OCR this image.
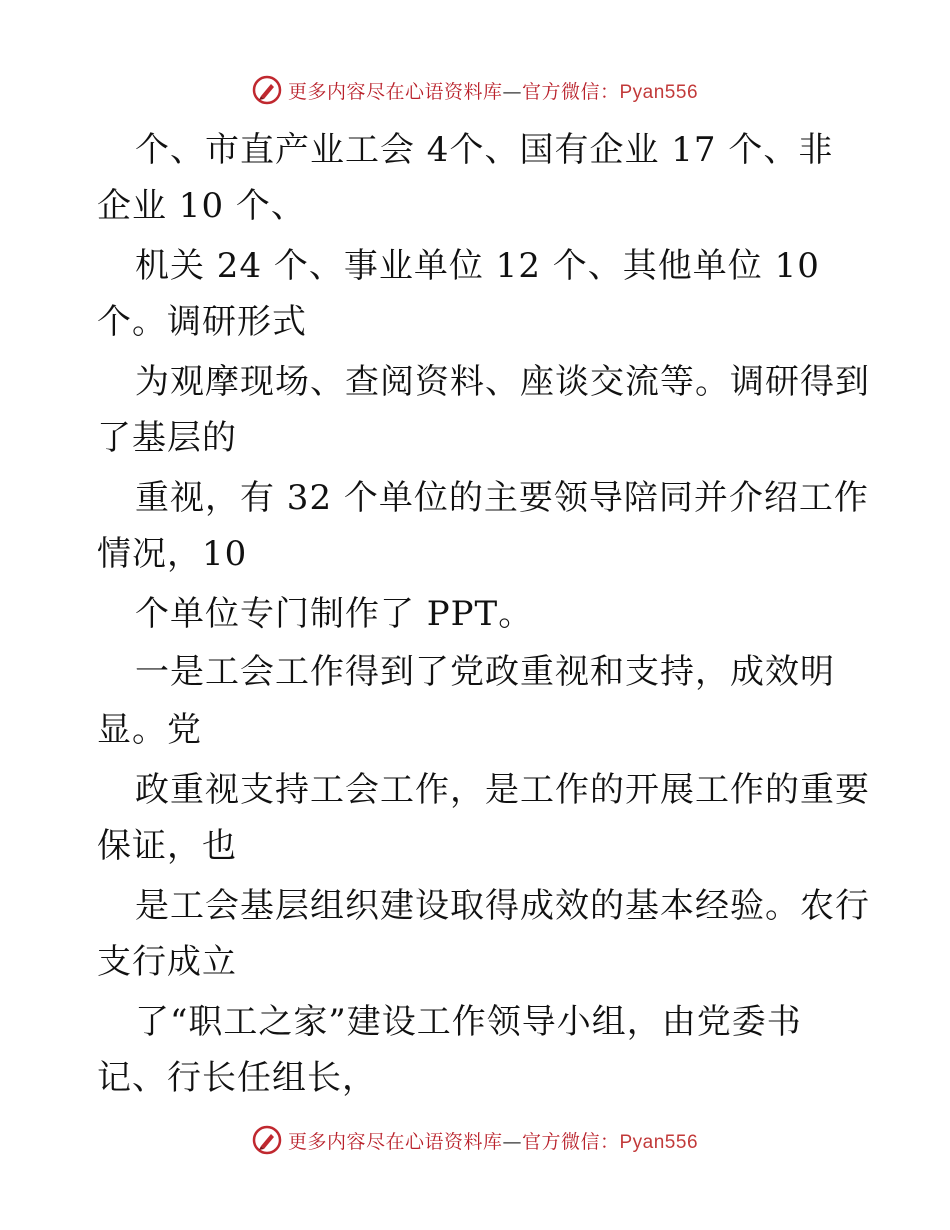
更多内容尽在心语资料库—官方微信：Pyan556
个、市直产业工会 4个、国有企业 17 个、非
企业 10 个、
机关 24 个、事业单位 12 个、其他单位 10
个。调研形式
为观摩现场、查阅资料、座谈交流等。调研得到
了基层的
重视，有 32 个单位的主要领导陪同并介绍工作
情况，10
个单位专门制作了 PPT。
一是工会工作得到了党政重视和支持，成效明
显。党
政重视支持工会工作，是工作的开展工作的重要
保证，也
是工会基层组织建设取得成效的基本经验。农行
支行成立
了“职工之家”建设工作领导小组，由党委书
记、行长任组长，
更多内容尽在心语资料库—官方微信：Pyan556
